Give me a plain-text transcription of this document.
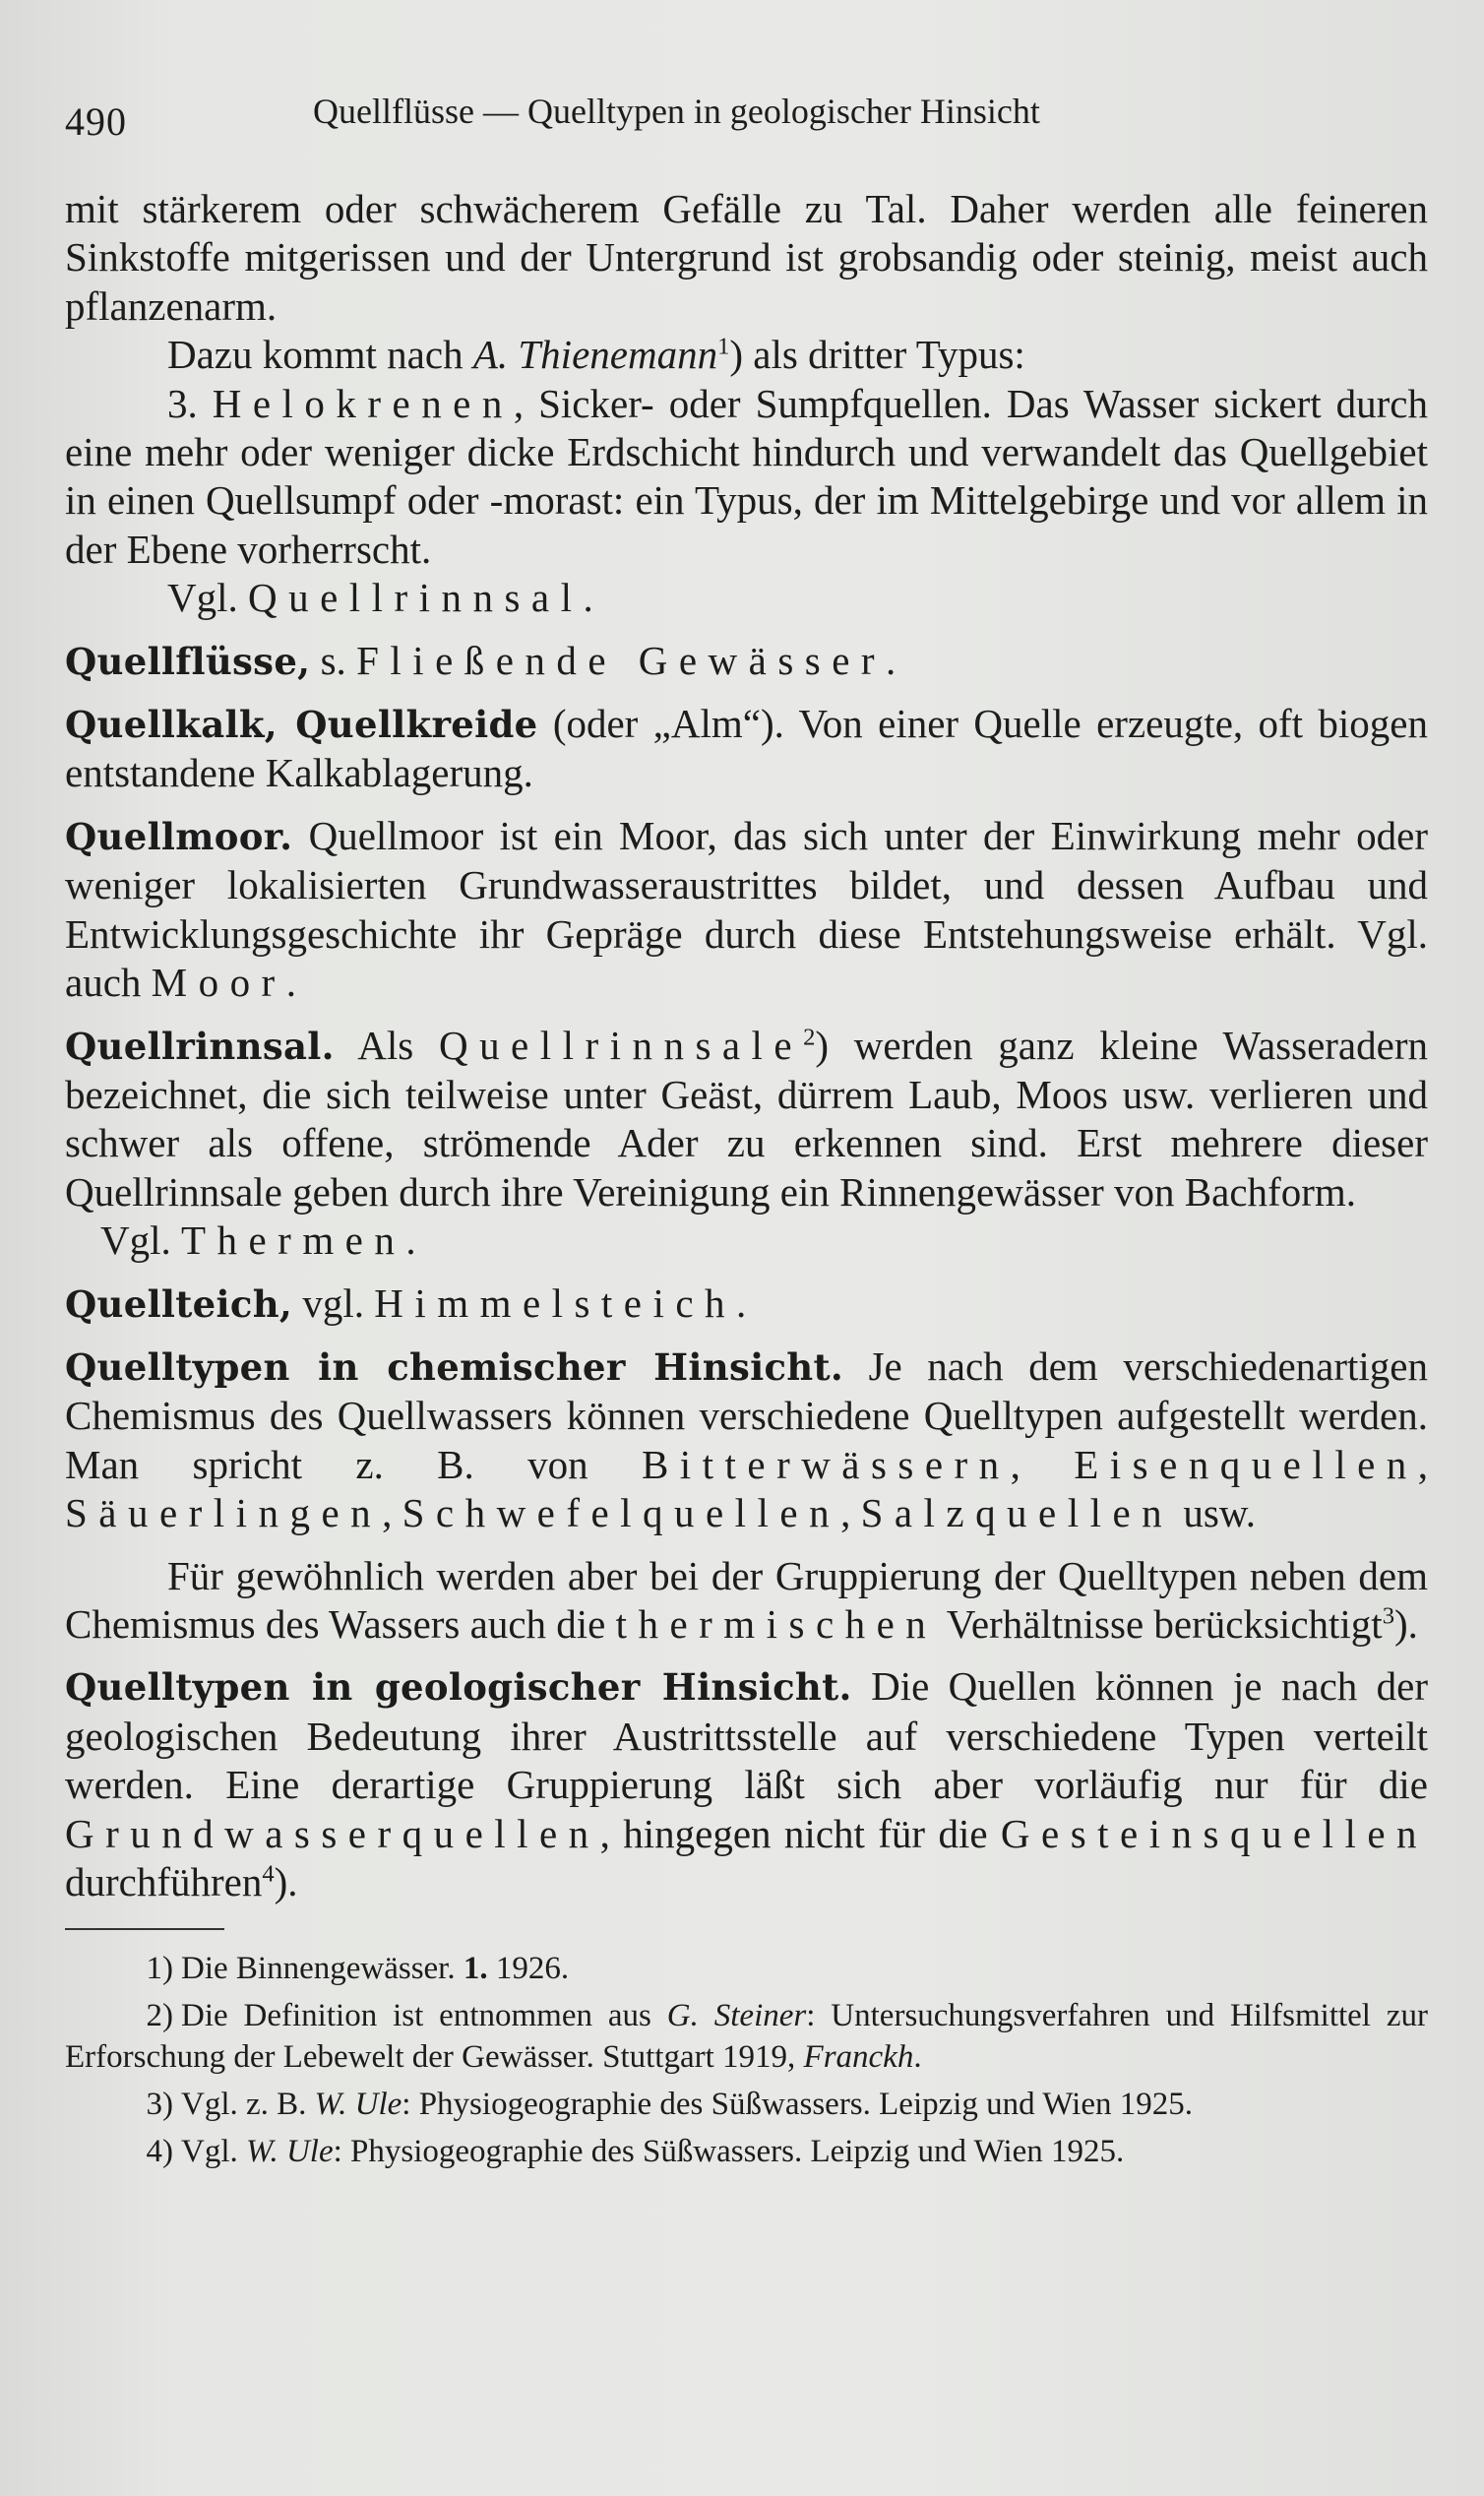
490	Quellflüsse — Quelltypen in geologischer Hinsicht

mit stärkerem oder schwächerem Gefälle zu Tal. Daher werden alle feineren Sinkstoffe mitgerissen und der Untergrund ist grobsandig oder steinig, meist auch pflanzenarm.

Dazu kommt nach A. Thienemann$^1$) als dritter Typus:

3. Helokrenen, Sicker- oder Sumpfquellen. Das Wasser sickert durch eine mehr oder weniger dicke Erdschicht hindurch und verwandelt das Quellgebiet in einen Quellsumpf oder -morast: ein Typus, der im Mittelgebirge und vor allem in der Ebene vorherrscht.

Vgl. Quellrinnsal.

Quellflüsse, s. Fließende Gewässer.

Quellkalk, Quellkreide (oder „Alm“). Von einer Quelle erzeugte, oft biogen entstandene Kalkablagerung.

Quellmoor. Quellmoor ist ein Moor, das sich unter der Einwirkung mehr oder weniger lokalisierten Grundwasseraustrittes bildet, und dessen Aufbau und Entwicklungsgeschichte ihr Gepräge durch diese Entstehungsweise erhält. Vgl. auch Moor.

Quellrinnsal. Als Quellrinnsale$^2$) werden ganz kleine Wasseradern bezeichnet, die sich teilweise unter Geäst, dürrem Laub, Moos usw. verlieren und schwer als offene, strömende Ader zu erkennen sind. Erst mehrere dieser Quellrinnsale geben durch ihre Vereinigung ein Rinnengewässer von Bachform.

Vgl. Thermen.

Quellteich, vgl. Himmelsteich.

Quelltypen in chemischer Hinsicht. Je nach dem verschiedenartigen Chemismus des Quellwassers können verschiedene Quelltypen aufgestellt werden. Man spricht z. B. von Bitterwässern, Eisenquellen, Säuerlingen, Schwefelquellen, Salzquellen usw.

Für gewöhnlich werden aber bei der Gruppierung der Quelltypen neben dem Chemismus des Wassers auch die thermischen Verhältnisse berücksichtigt$^3$).

Quelltypen in geologischer Hinsicht. Die Quellen können je nach der geologischen Bedeutung ihrer Austrittsstelle auf verschiedene Typen verteilt werden. Eine derartige Gruppierung läßt sich aber vorläufig nur für die Grundwasserquellen, hingegen nicht für die Gesteinsquellen durchführen$^4$).

1) Die Binnengewässer. 1. 1926.

2) Die Definition ist entnommen aus G. Steiner: Untersuchungsverfahren und Hilfsmittel zur Erforschung der Lebewelt der Gewässer. Stuttgart 1919, Franckh.

3) Vgl. z. B. W. Ule: Physiogeographie des Süßwassers. Leipzig und Wien 1925.

4) Vgl. W. Ule: Physiogeographie des Süßwassers. Leipzig und Wien 1925.
